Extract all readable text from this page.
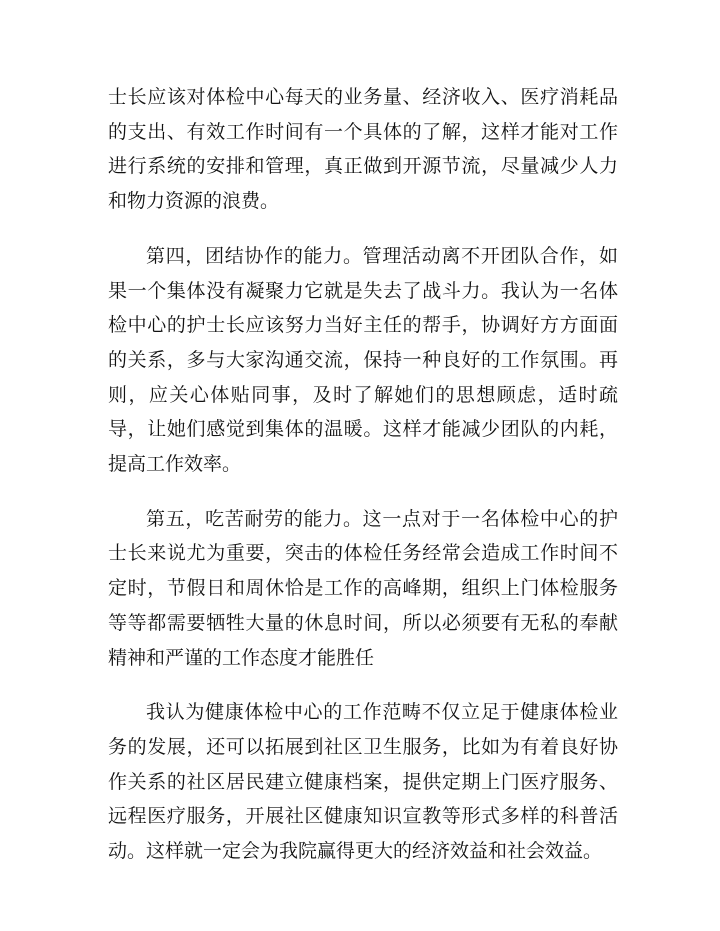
士长应该对体检中心每天的业务量、经济收入、医疗消耗品的支出、有效工作时间有一个具体的了解，这样才能对工作进行系统的安排和管理，真正做到开源节流，尽量减少人力和物力资源的浪费。

第四，团结协作的能力。管理活动离不开团队合作，如果一个集体没有凝聚力它就是失去了战斗力。我认为一名体检中心的护士长应该努力当好主任的帮手，协调好方方面面的关系，多与大家沟通交流，保持一种良好的工作氛围。再则，应关心体贴同事，及时了解她们的思想顾虑，适时疏导，让她们感觉到集体的温暖。这样才能减少团队的内耗，提高工作效率。

第五，吃苦耐劳的能力。这一点对于一名体检中心的护士长来说尤为重要，突击的体检任务经常会造成工作时间不定时，节假日和周休恰是工作的高峰期，组织上门体检服务等等都需要牺牲大量的休息时间，所以必须要有无私的奉献精神和严谨的工作态度才能胜任

我认为健康体检中心的工作范畴不仅立足于健康体检业务的发展，还可以拓展到社区卫生服务，比如为有着良好协作关系的社区居民建立健康档案，提供定期上门医疗服务、远程医疗服务，开展社区健康知识宣教等形式多样的科普活动。这样就一定会为我院赢得更大的经济效益和社会效益。
